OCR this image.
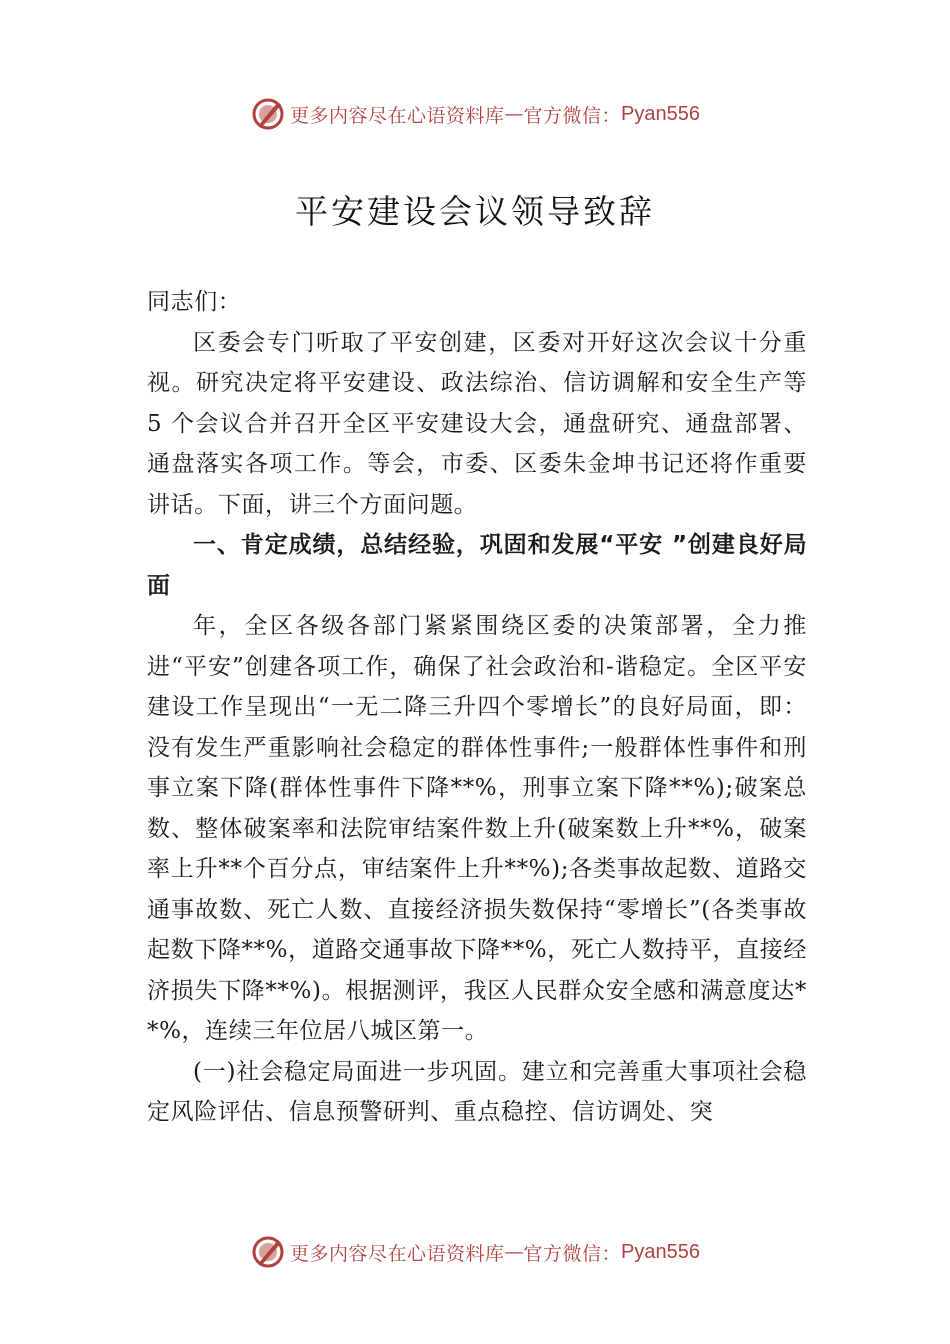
更多内容尽在心语资料库 — 官方微信： Pyan556
平安建设会议领导致辞

同志们：

区委会专门听取了平安创建，区委对开好这次会议十分重视。研究决定将平安建设、政法综治、信访调解和安全生产等 5 个会议合并召开全区平安建设大会，通盘研究、通盘部署、通盘落实各项工作。等会，市委、区委朱金坤书记还将作重要讲话。下面，讲三个方面问题。

一、肯定成绩，总结经验，巩固和发展“平安 ”创建良好局面

年，全区各级各部门紧紧围绕区委的决策部署，全力推进“平安”创建各项工作，确保了社会政治和-谐稳定。全区平安建设工作呈现出“一无二降三升四个零增长”的良好局面，即：没有发生严重影响社会稳定的群体性事件;一般群体性事件和刑事立案下降(群体性事件下降**%，刑事立案下降**%);破案总数、整体破案率和法院审结案件数上升(破案数上升**%，破案率上升**个百分点，审结案件上升**%);各类事故起数、道路交通事故数、死亡人数、直接经济损失数保持“零增长”(各类事故起数下降**%，道路交通事故下降**%，死亡人数持平，直接经济损失下降**%)。根据测评，我区人民群众安全感和满意度达**%，连续三年位居八城区第一。

(一)社会稳定局面进一步巩固。建立和完善重大事项社会稳定风险评估、信息预警研判、重点稳控、信访调处、突

更多内容尽在心语资料库 — 官方微信： Pyan556
